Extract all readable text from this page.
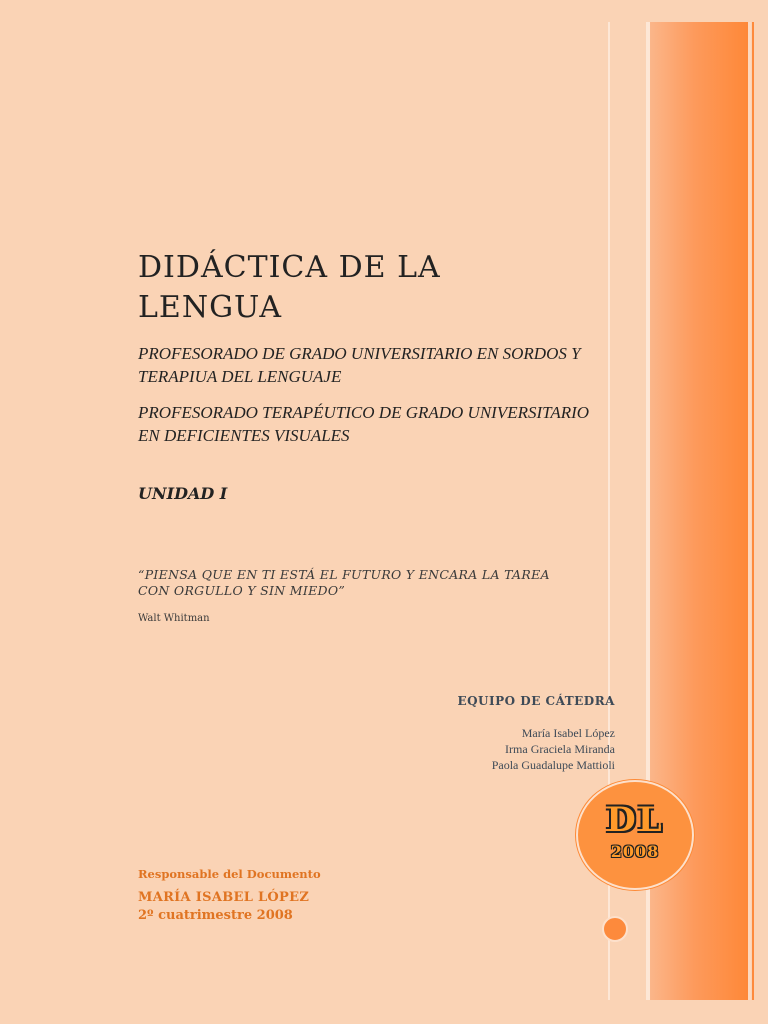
DIDÁCTICA DE LA LENGUA
PROFESORADO DE GRADO UNIVERSITARIO EN SORDOS Y TERAPIUA DEL LENGUAJE
PROFESORADO TERAPÉUTICO DE GRADO UNIVERSITARIO EN DEFICIENTES VISUALES
UNIDAD I
“PIENSA QUE EN TI ESTÁ EL FUTURO Y ENCARA LA TAREA CON ORGULLO Y SIN MIEDO”
Walt Whitman
EQUIPO DE CÁTEDRA
María Isabel López
Irma Graciela Miranda
Paola Guadalupe Mattioli
Responsable del Documento
MARÍA ISABEL LÓPEZ
2º cuatrimestre 2008
DL
2008
